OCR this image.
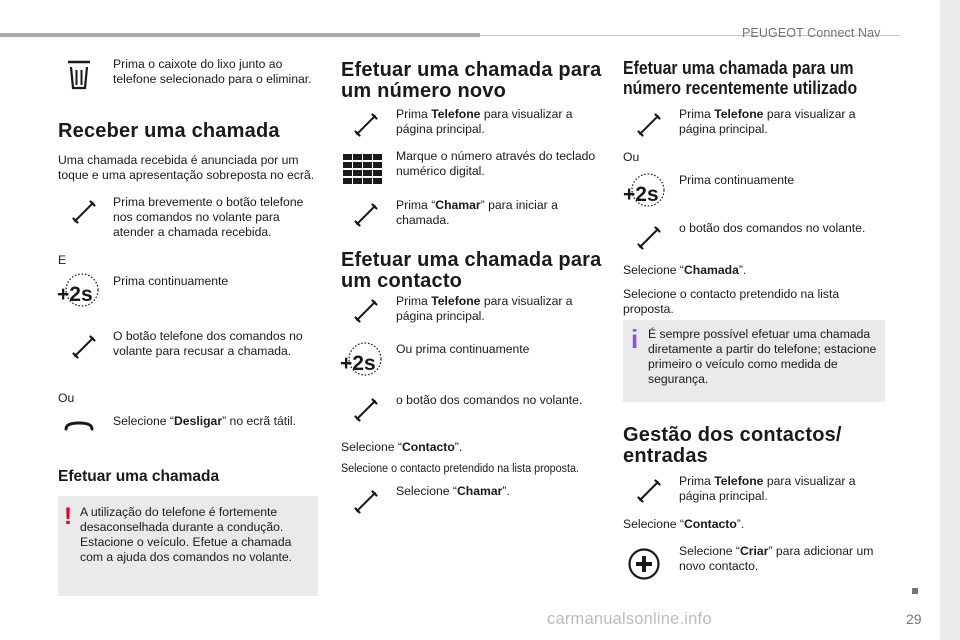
PEUGEOT Connect Nav
Prima o caixote do lixo junto ao telefone selecionado para o eliminar.
Receber uma chamada
Uma chamada recebida é anunciada por um toque e uma apresentação sobreposta no ecrã.
Prima brevemente o botão telefone nos comandos no volante para atender a chamada recebida.
E
+2s
Prima continuamente
O botão telefone dos comandos no volante para recusar a chamada.
Ou
Selecione “Desligar” no ecrã tátil.
Efetuar uma chamada
! A utilização do telefone é fortemente desaconselhada durante a condução. Estacione o veículo. Efetue a chamada com a ajuda dos comandos no volante.
Efetuar uma chamada para um número novo
Prima Telefone para visualizar a página principal.
Marque o número através do teclado numérico digital.
Prima “Chamar” para iniciar a chamada.
Efetuar uma chamada para um contacto
Prima Telefone para visualizar a página principal.
+2s
Ou prima continuamente
o botão dos comandos no volante.
Selecione “Contacto”.
Selecione o contacto pretendido na lista proposta.
Selecione “Chamar”.
Efetuar uma chamada para um número recentemente utilizado
Prima Telefone para visualizar a página principal.
Ou
+2s
Prima continuamente
o botão dos comandos no volante.
Selecione “Chamada”.
Selecione o contacto pretendido na lista proposta.
i É sempre possível efetuar uma chamada diretamente a partir do telefone; estacione primeiro o veículo como medida de segurança.
Gestão dos contactos/ entradas
Prima Telefone para visualizar a página principal.
Selecione “Contacto”.
Selecione “Criar” para adicionar um novo contacto.
carmanualsonline.info	29
